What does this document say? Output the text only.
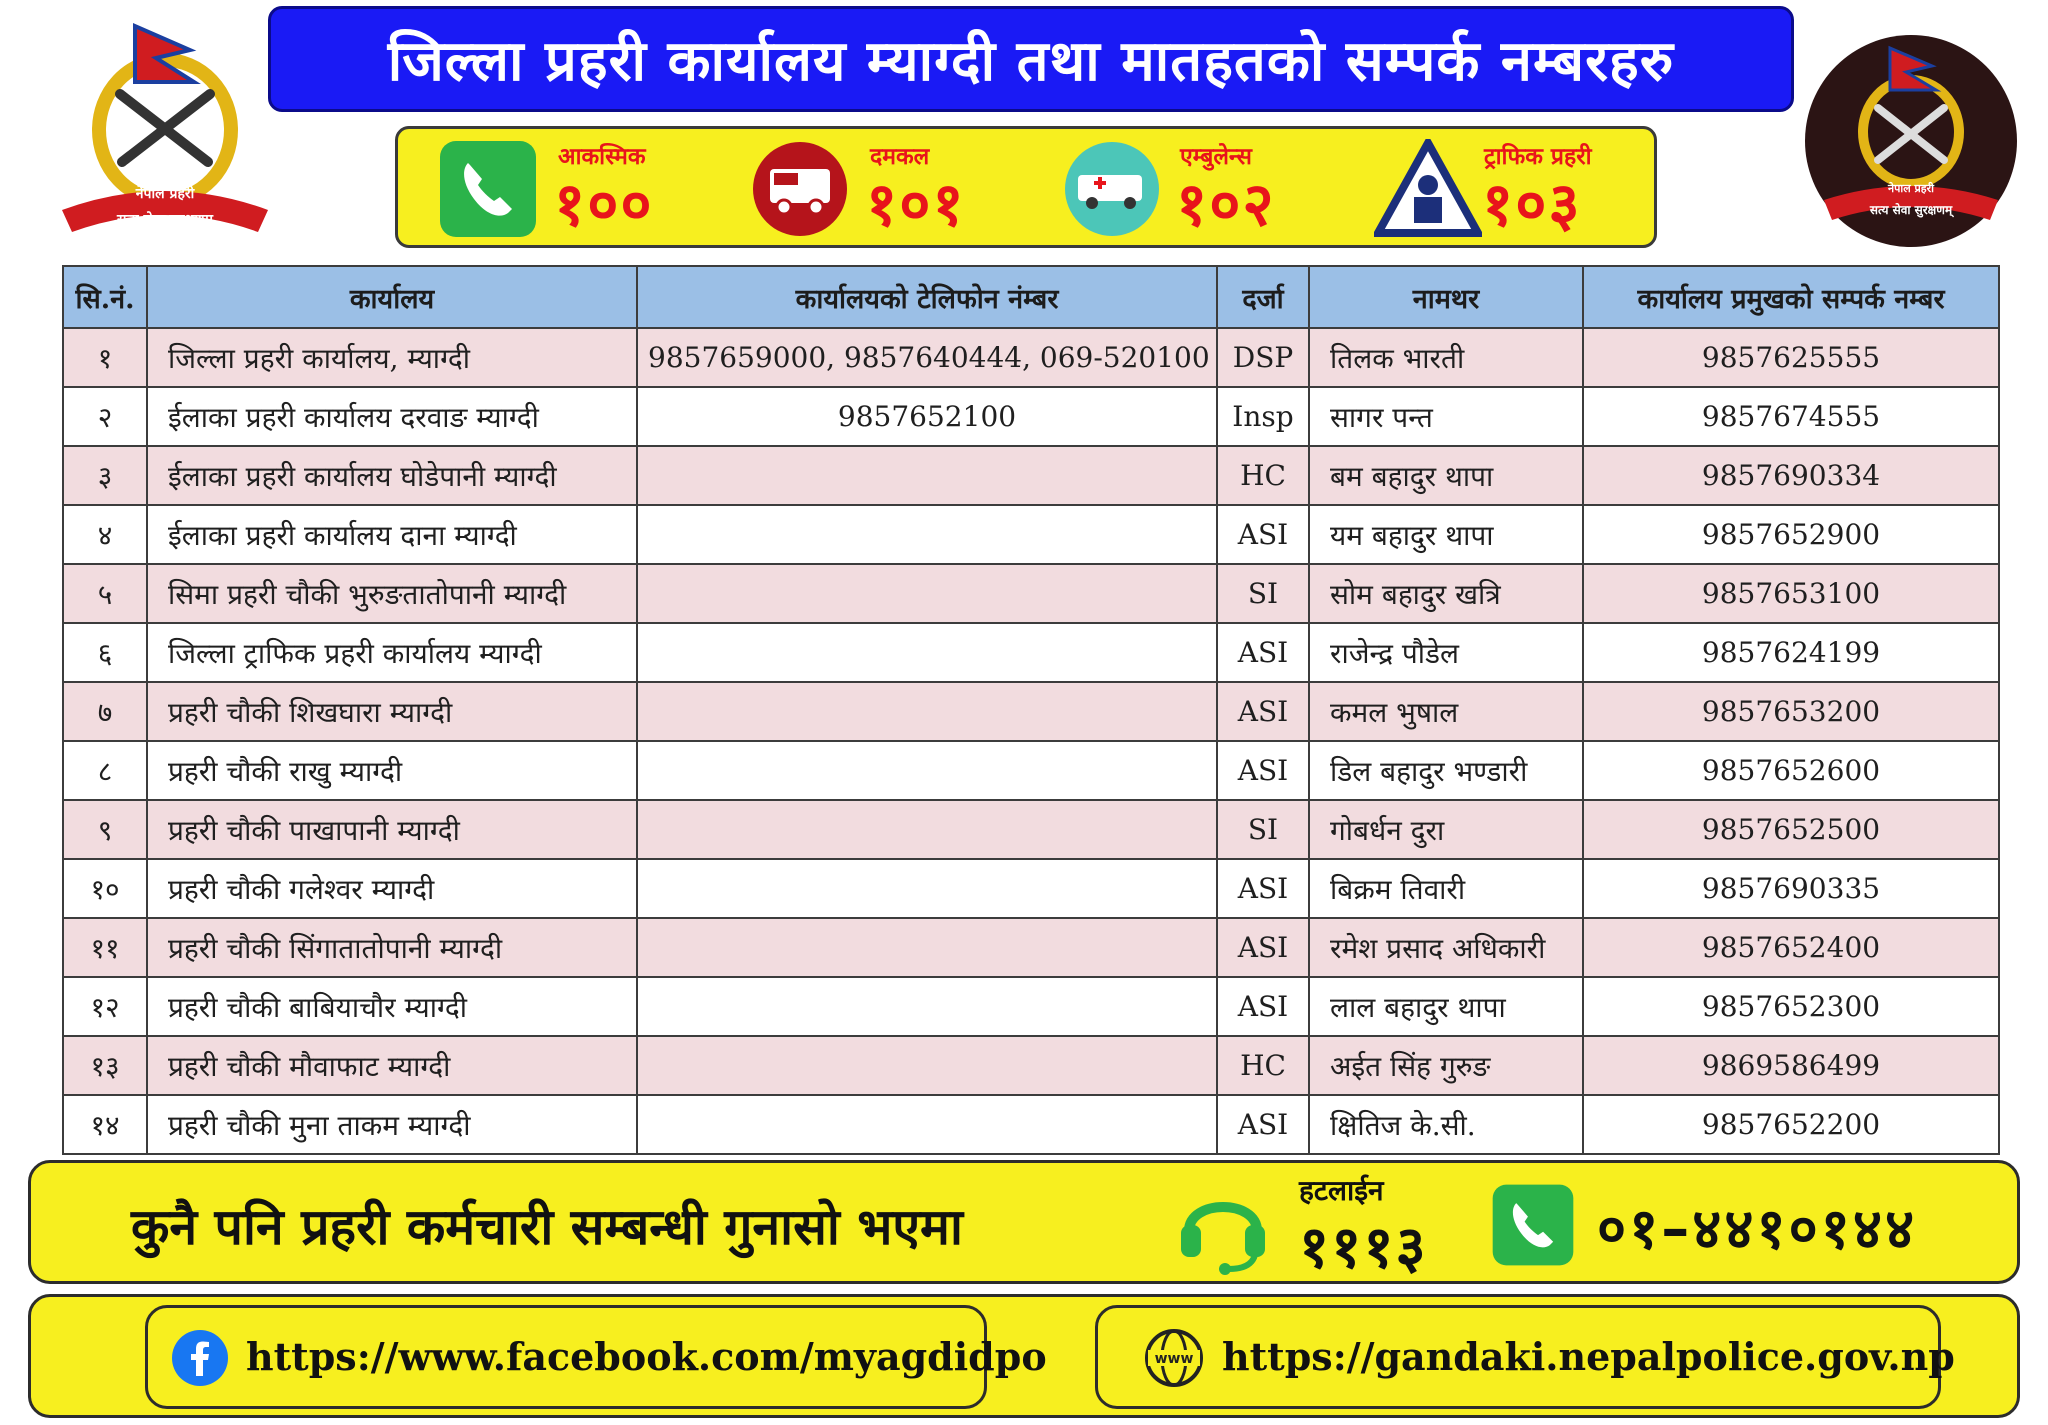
नेपाल प्रहरी
सत्य सेवा सुरक्षणम्
जिल्ला प्रहरी कार्यालय म्याग्दी तथा मातहतको सम्पर्क नम्बरहरु
नेपाल प्रहरी
सत्य सेवा सुरक्षणम्
आकस्मिक
१००
दमकल
१०१
एम्बुलेन्स
१०२
ट्राफिक प्रहरी
१०३
सि.नं.	कार्यालय	कार्यालयको टेलिफोन नंम्बर	दर्जा	नामथर	कार्यालय प्रमुखको सम्पर्क नम्बर
१	जिल्ला प्रहरी कार्यालय, म्याग्दी	9857659000, 9857640444, 069-520100	DSP	तिलक भारती	9857625555
२	ईलाका प्रहरी कार्यालय दरवाङ म्याग्दी	9857652100	Insp	सागर पन्त	9857674555
३	ईलाका प्रहरी कार्यालय घोडेपानी म्याग्दी		HC	बम बहादुर थापा	9857690334
४	ईलाका प्रहरी कार्यालय दाना म्याग्दी		ASI	यम बहादुर थापा	9857652900
५	सिमा प्रहरी चौकी भुरुङतातोपानी म्याग्दी		SI	सोम बहादुर खत्रि	9857653100
६	जिल्ला ट्राफिक प्रहरी कार्यालय म्याग्दी		ASI	राजेन्द्र पौडेल	9857624199
७	प्रहरी चौकी शिखघारा म्याग्दी		ASI	कमल भुषाल	9857653200
८	प्रहरी चौकी राखु म्याग्दी		ASI	डिल बहादुर भण्डारी	9857652600
९	प्रहरी चौकी पाखापानी म्याग्दी		SI	गोबर्धन दुरा	9857652500
१०	प्रहरी चौकी गलेश्वर म्याग्दी		ASI	बिक्रम तिवारी	9857690335
११	प्रहरी चौकी सिंगातातोपानी म्याग्दी		ASI	रमेश प्रसाद अधिकारी	9857652400
१२	प्रहरी चौकी बाबियाचौर म्याग्दी		ASI	लाल बहादुर थापा	9857652300
१३	प्रहरी चौकी मौवाफाट म्याग्दी		HC	अईत सिंह गुरुङ	9869586499
१४	प्रहरी चौकी मुना ताकम म्याग्दी		ASI	क्षितिज के.सी.	9857652200
कुनै पनि प्रहरी कर्मचारी सम्बन्धी गुनासो भएमा
हटलाईन
१११३	०१–४४१०१४४
https://www.facebook.com/myagdidpo	www https://gandaki.nepalpolice.gov.np
